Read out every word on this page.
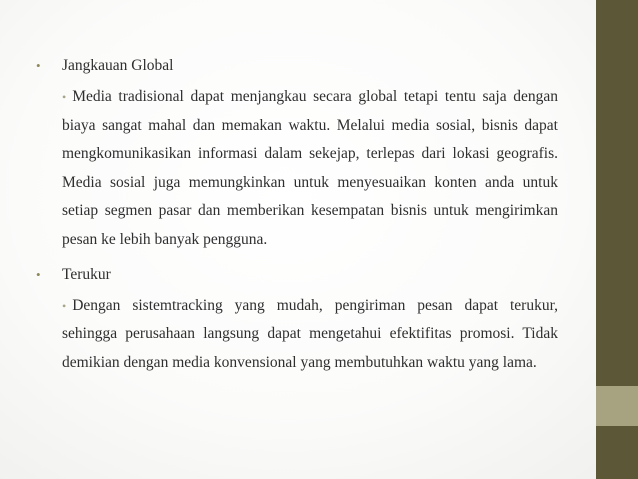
• Jangkauan Global
• Media tradisional dapat menjangkau secara global tetapi tentu saja dengan biaya sangat mahal dan memakan waktu. Melalui media sosial, bisnis dapat mengkomunikasikan informasi dalam sekejap, terlepas dari lokasi geografis. Media sosial juga memungkinkan untuk menyesuaikan konten anda untuk setiap segmen pasar dan memberikan kesempatan bisnis untuk mengirimkan pesan ke lebih banyak pengguna.
• Terukur
• Dengan sistemtracking yang mudah, pengiriman pesan dapat terukur, sehingga perusahaan langsung dapat mengetahui efektifitas promosi. Tidak demikian dengan media konvensional yang membutuhkan waktu yang lama.
